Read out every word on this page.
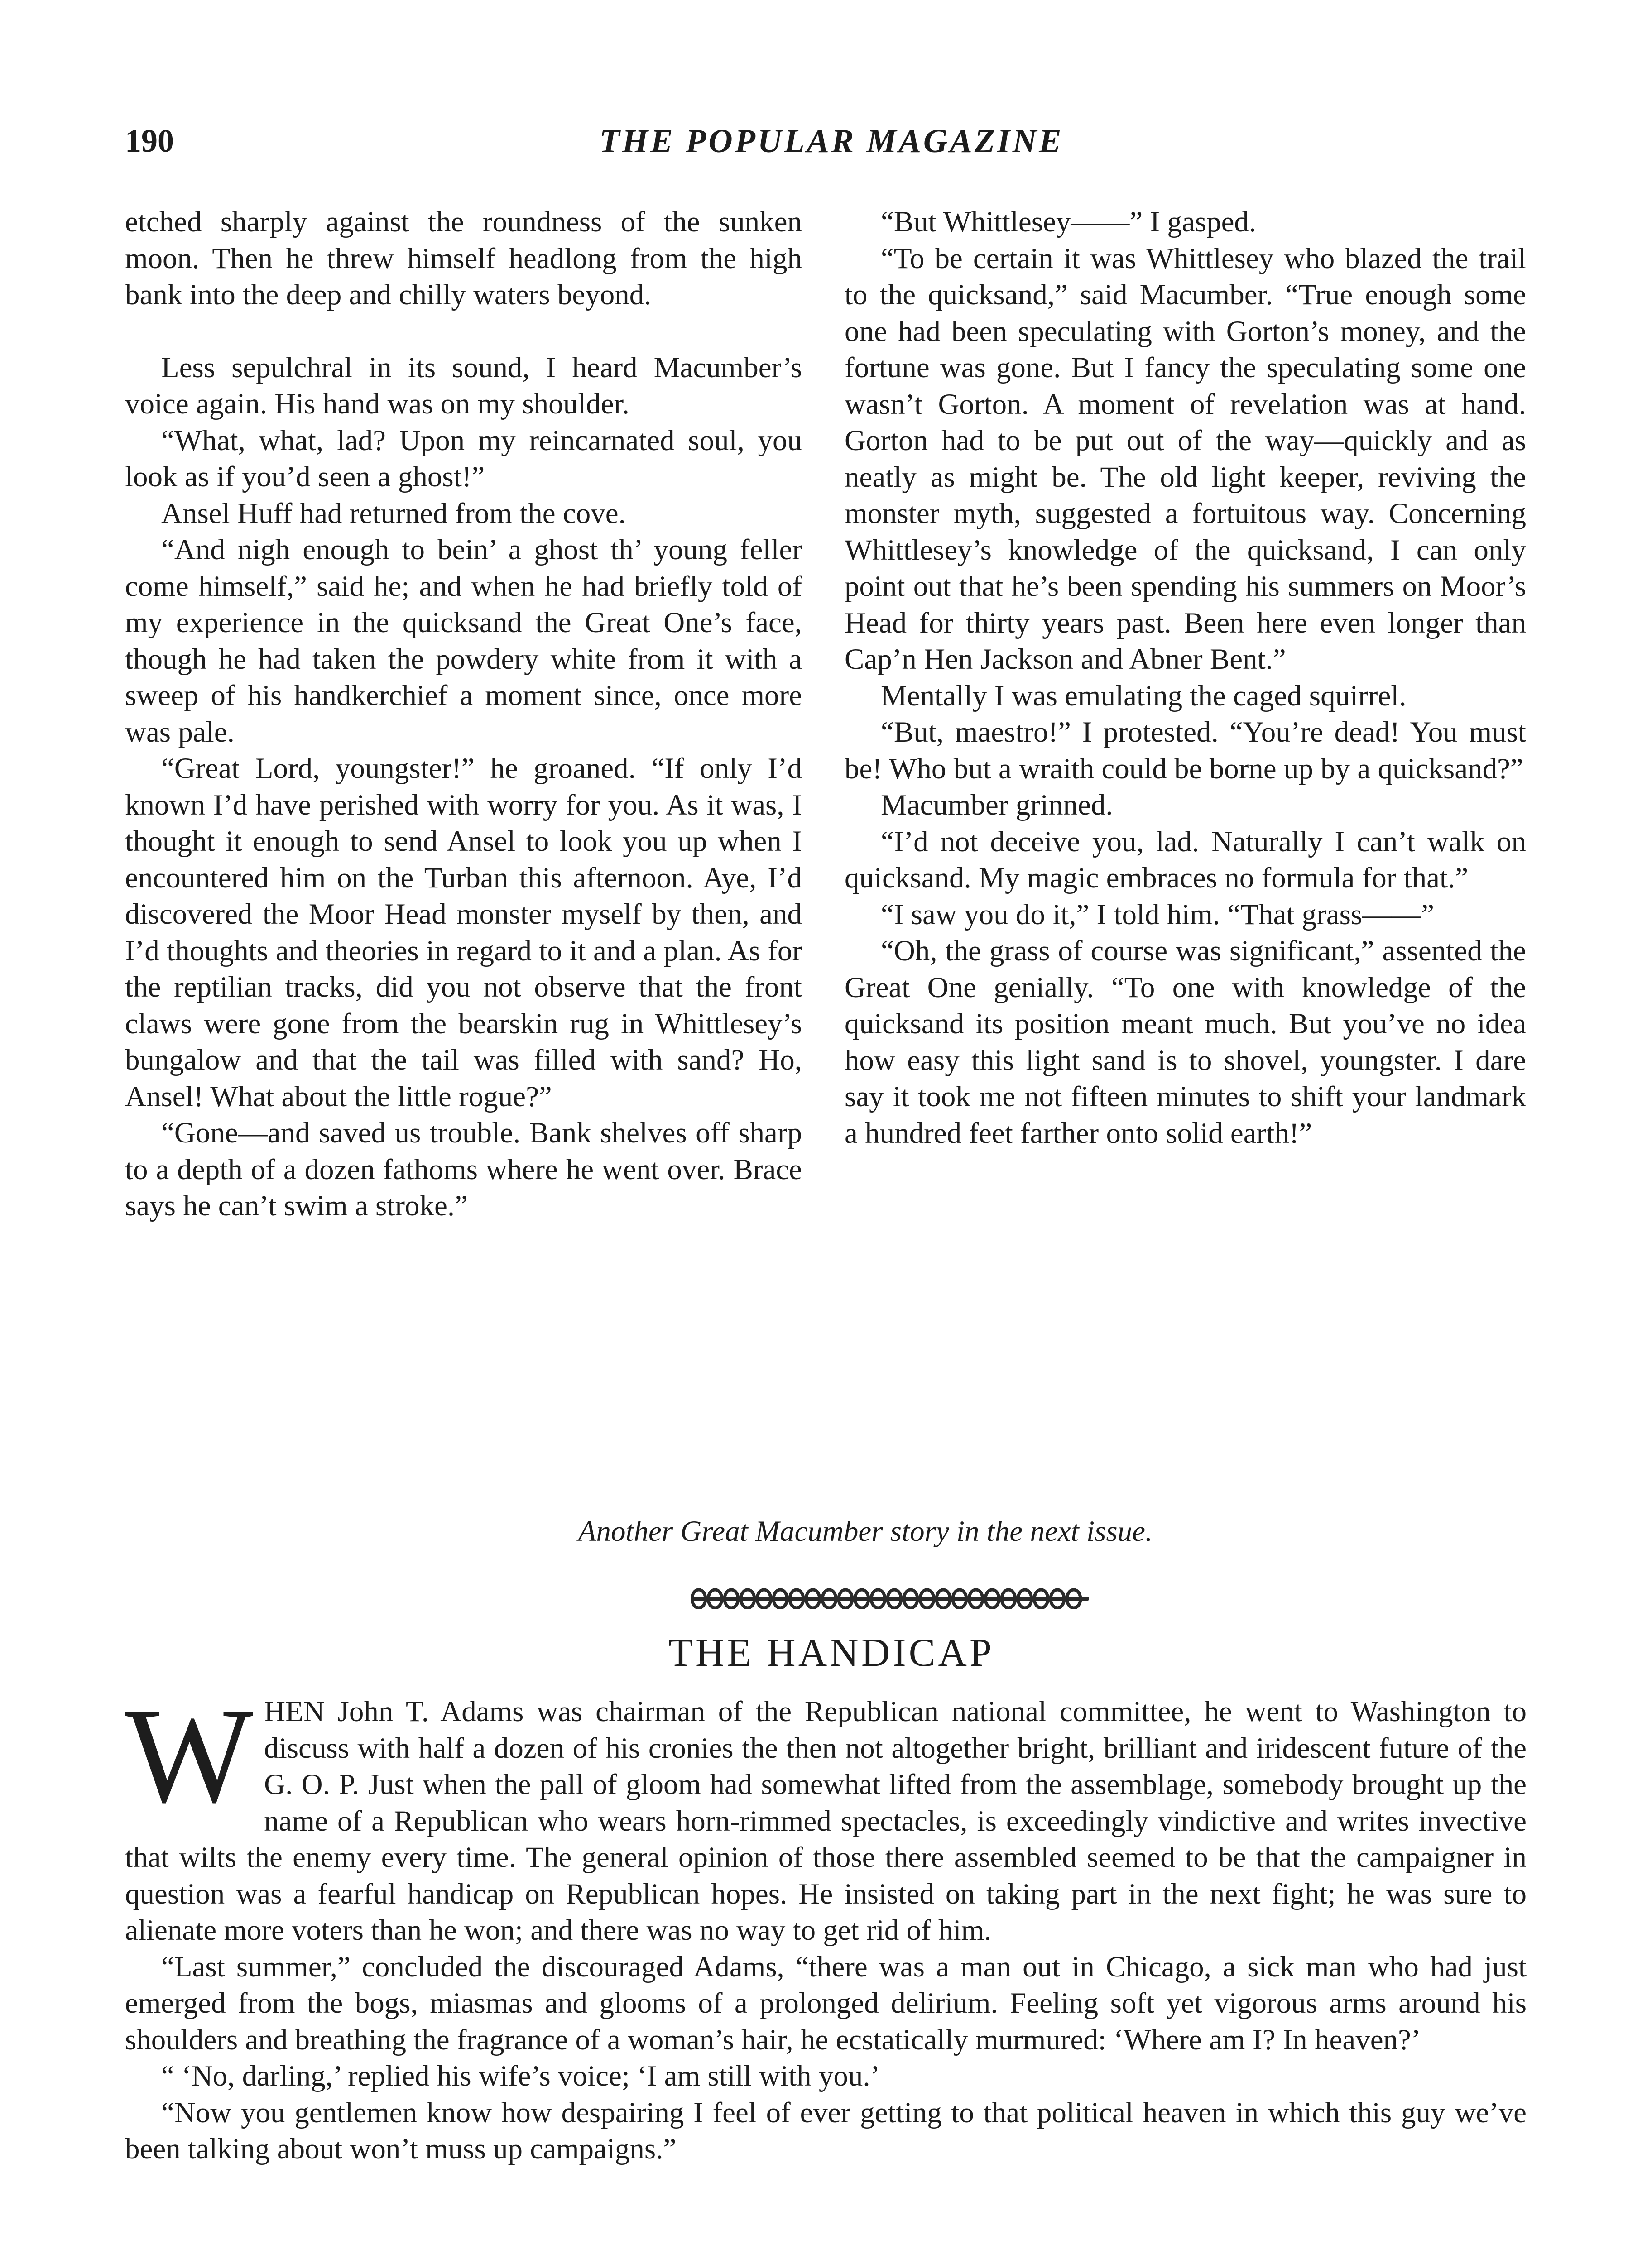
190	THE POPULAR MAGAZINE

etched sharply against the roundness of the sunken moon. Then he threw himself headlong from the high bank into the deep and chilly waters beyond.

Less sepulchral in its sound, I heard Macumber’s voice again. His hand was on my shoulder.

“What, what, lad? Upon my reincarnated soul, you look as if you’d seen a ghost!”

Ansel Huff had returned from the cove.

“And nigh enough to bein’ a ghost th’ young feller come himself,” said he; and when he had briefly told of my experience in the quicksand the Great One’s face, though he had taken the powdery white from it with a sweep of his handkerchief a moment since, once more was pale.

“Great Lord, youngster!” he groaned. “If only I’d known I’d have perished with worry for you. As it was, I thought it enough to send Ansel to look you up when I encountered him on the Turban this afternoon. Aye, I’d discovered the Moor Head monster myself by then, and I’d thoughts and theories in regard to it and a plan. As for the reptilian tracks, did you not observe that the front claws were gone from the bearskin rug in Whittlesey’s bungalow and that the tail was filled with sand? Ho, Ansel! What about the little rogue?”

“Gone—and saved us trouble. Bank shelves off sharp to a depth of a dozen fathoms where he went over. Brace says he can’t swim a stroke.”

“But Whittlesey——” I gasped.

“To be certain it was Whittlesey who blazed the trail to the quicksand,” said Macumber. “True enough some one had been speculating with Gorton’s money, and the fortune was gone. But I fancy the speculating some one wasn’t Gorton. A moment of revelation was at hand. Gorton had to be put out of the way—quickly and as neatly as might be. The old light keeper, reviving the monster myth, suggested a fortuitous way. Concerning Whittlesey’s knowledge of the quicksand, I can only point out that he’s been spending his summers on Moor’s Head for thirty years past. Been here even longer than Cap’n Hen Jackson and Abner Bent.”

Mentally I was emulating the caged squirrel.

“But, maestro!” I protested. “You’re dead! You must be! Who but a wraith could be borne up by a quicksand?”

Macumber grinned.

“I’d not deceive you, lad. Naturally I can’t walk on quicksand. My magic embraces no formula for that.”

“I saw you do it,” I told him. “That grass——”

“Oh, the grass of course was significant,” assented the Great One genially. “To one with knowledge of the quicksand its position meant much. But you’ve no idea how easy this light sand is to shovel, youngster. I dare say it took me not fifteen minutes to shift your landmark a hundred feet farther onto solid earth!”

Another Great Macumber story in the next issue.
THE HANDICAP

W HEN John T. Adams was chairman of the Republican national committee, he went to Washington to discuss with half a dozen of his cronies the then not altogether bright, brilliant and iridescent future of the G. O. P. Just when the pall of gloom had somewhat lifted from the assemblage, somebody brought up the name of a Republican who wears horn-rimmed spectacles, is exceedingly vindictive and writes invective that wilts the enemy every time. The general opinion of those there assembled seemed to be that the campaigner in question was a fearful handicap on Republican hopes. He insisted on taking part in the next fight; he was sure to alienate more voters than he won; and there was no way to get rid of him.

“Last summer,” concluded the discouraged Adams, “there was a man out in Chicago, a sick man who had just emerged from the bogs, miasmas and glooms of a prolonged delirium. Feeling soft yet vigorous arms around his shoulders and breathing the fragrance of a woman’s hair, he ecstatically murmured: ‘Where am I? In heaven?’

“ ‘No, darling,’ replied his wife’s voice; ‘I am still with you.’

“Now you gentlemen know how despairing I feel of ever getting to that political heaven in which this guy we’ve been talking about won’t muss up campaigns.”
